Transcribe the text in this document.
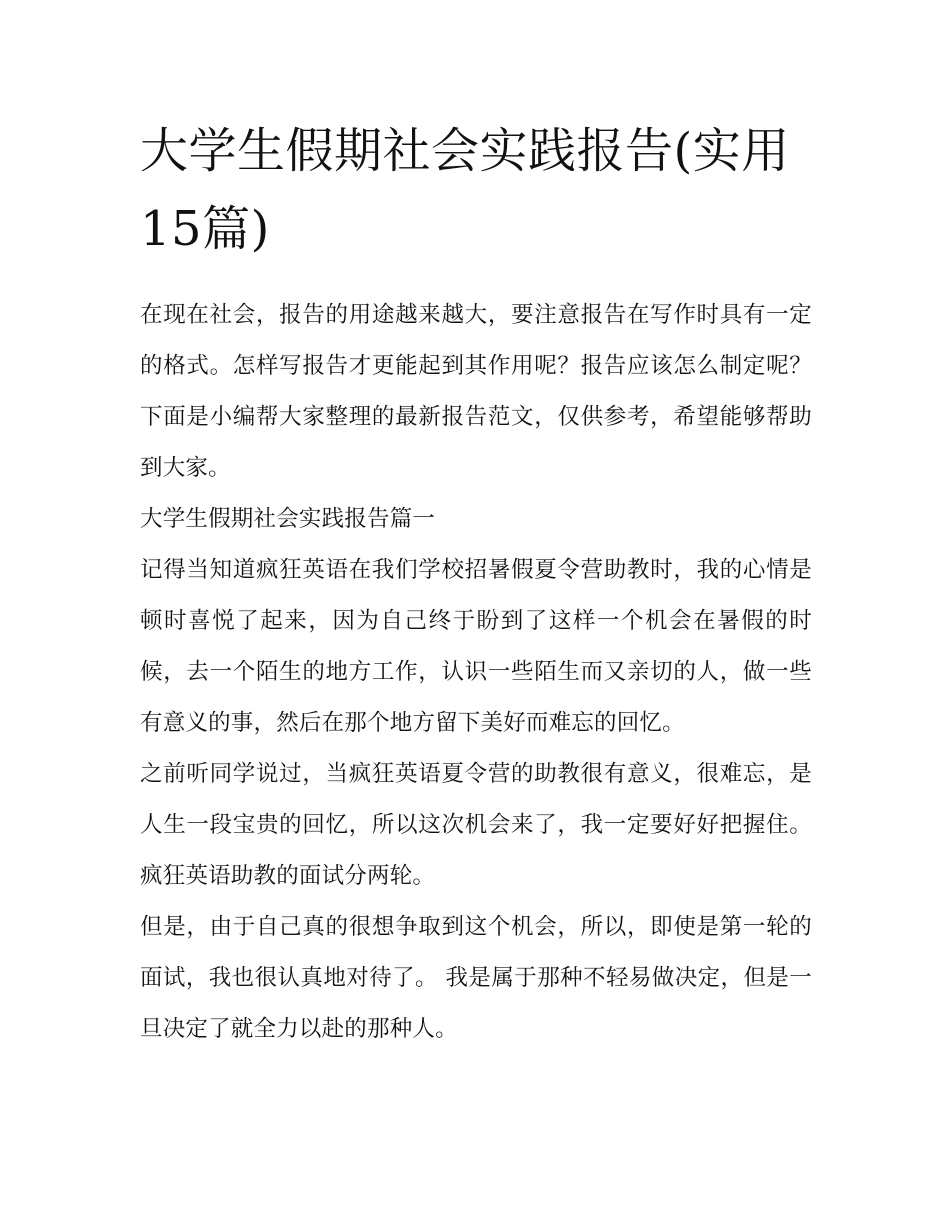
大学生假期社会实践报告(实用15篇)

在现在社会，报告的用途越来越大，要注意报告在写作时具有一定的格式。怎样写报告才更能起到其作用呢？报告应该怎么制定呢？下面是小编帮大家整理的最新报告范文，仅供参考，希望能够帮助到大家。

大学生假期社会实践报告篇一

记得当知道疯狂英语在我们学校招暑假夏令营助教时，我的心情是顿时喜悦了起来，因为自己终于盼到了这样一个机会在暑假的时候，去一个陌生的地方工作，认识一些陌生而又亲切的人，做一些有意义的事，然后在那个地方留下美好而难忘的回忆。

之前听同学说过，当疯狂英语夏令营的助教很有意义，很难忘，是人生一段宝贵的回忆，所以这次机会来了，我一定要好好把握住。 疯狂英语助教的面试分两轮。

但是，由于自己真的很想争取到这个机会，所以，即使是第一轮的面试，我也很认真地对待了。 我是属于那种不轻易做决定，但是一旦决定了就全力以赴的那种人。
